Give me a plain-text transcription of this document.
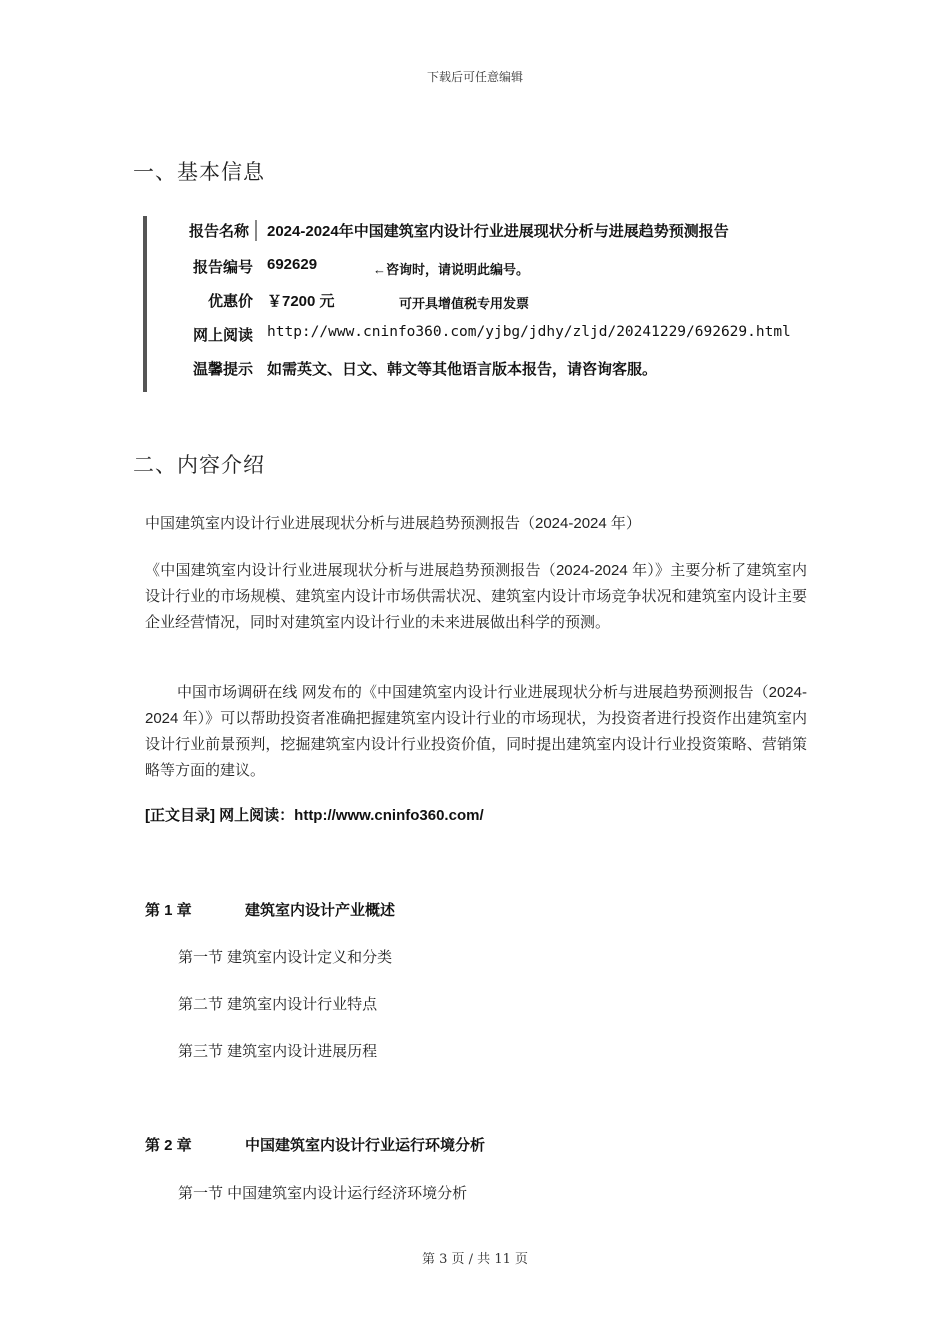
下载后可任意编辑
一、基本信息
报告名称	2024-2024年中国建筑室内设计行业进展现状分析与进展趋势预测报告
报告编号 692629	←咨询时，请说明此编号。
优惠价 ￥7200 元	可开具增值税专用发票
网上阅读 http://www.cninfo360.com/yjbg/jdhy/zljd/20241229/692629.html
温馨提示 如需英文、日文、韩文等其他语言版本报告，请咨询客服。
二、内容介绍
中国建筑室内设计行业进展现状分析与进展趋势预测报告（2024-2024 年）
《中国建筑室内设计行业进展现状分析与进展趋势预测报告（2024-2024 年）》主要分析了建筑室内设计行业的市场规模、建筑室内设计市场供需状况、建筑室内设计市场竞争状况和建筑室内设计主要企业经营情况，同时对建筑室内设计行业的未来进展做出科学的预测。
中国市场调研在线 网发布的《中国建筑室内设计行业进展现状分析与进展趋势预测报告（2024-2024 年）》可以帮助投资者准确把握建筑室内设计行业的市场现状，为投资者进行投资作出建筑室内设计行业前景预判，挖掘建筑室内设计行业投资价值，同时提出建筑室内设计行业投资策略、营销策略等方面的建议。
[正文目录] 网上阅读：http://www.cninfo360.com/
第 1 章	建筑室内设计产业概述
第一节 建筑室内设计定义和分类
第二节 建筑室内设计行业特点
第三节 建筑室内设计进展历程
第 2 章	中国建筑室内设计行业运行环境分析
第一节 中国建筑室内设计运行经济环境分析
第 3 页 / 共 11 页
